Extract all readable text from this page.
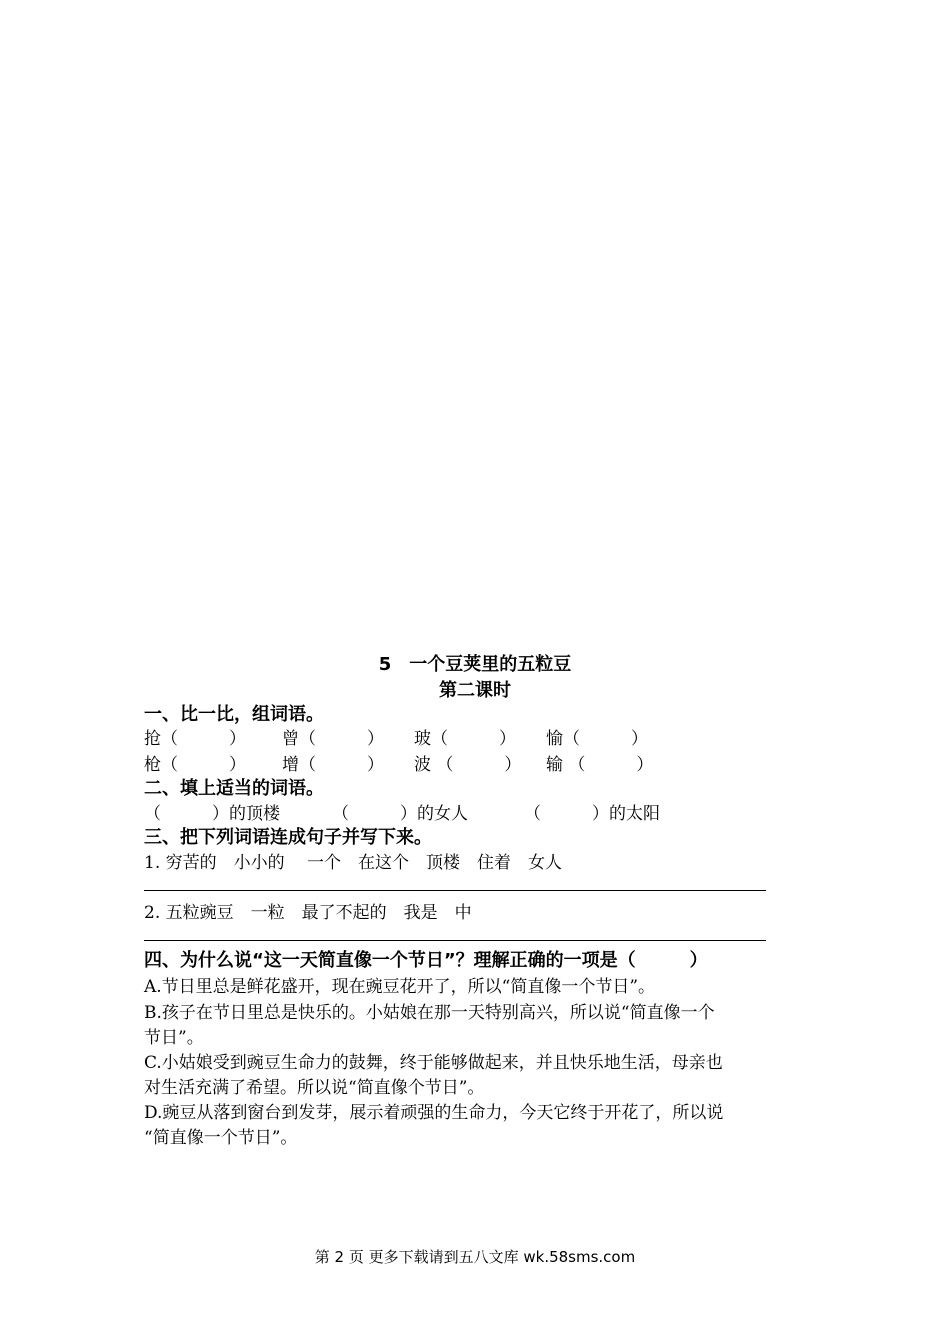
5　一个豆荚里的五粒豆
第二课时
一、比一比，组词语。
抢（　　　） 曾（　　　） 玻（　　　） 愉（　　　）
枪（　　　） 增（　　　） 波 （　　　） 输 （　　　）
二、填上适当的词语。
（　　　）的顶楼	（　　　）的女人	（　　　）的太阳
三、把下列词语连成句子并写下来。
1. 穷苦的　小小的　 一个　在这个　顶楼　住着　女人
2. 五粒豌豆　一粒　最了不起的　我是　中
四、为什么说“这一天简直像一个节日”？理解正确的一项是（　　　）
A.节日里总是鲜花盛开，现在豌豆花开了，所以“简直像一个节日”。
B.孩子在节日里总是快乐的。小姑娘在那一天特别高兴，所以说“简直像一个
节日”。
C.小姑娘受到豌豆生命力的鼓舞，终于能够做起来，并且快乐地生活，母亲也
对生活充满了希望。所以说“简直像个节日”。
D.豌豆从落到窗台到发芽，展示着顽强的生命力，今天它终于开花了，所以说
“简直像一个节日”。
第 2 页 更多下载请到五八文库 wk.58sms.com
